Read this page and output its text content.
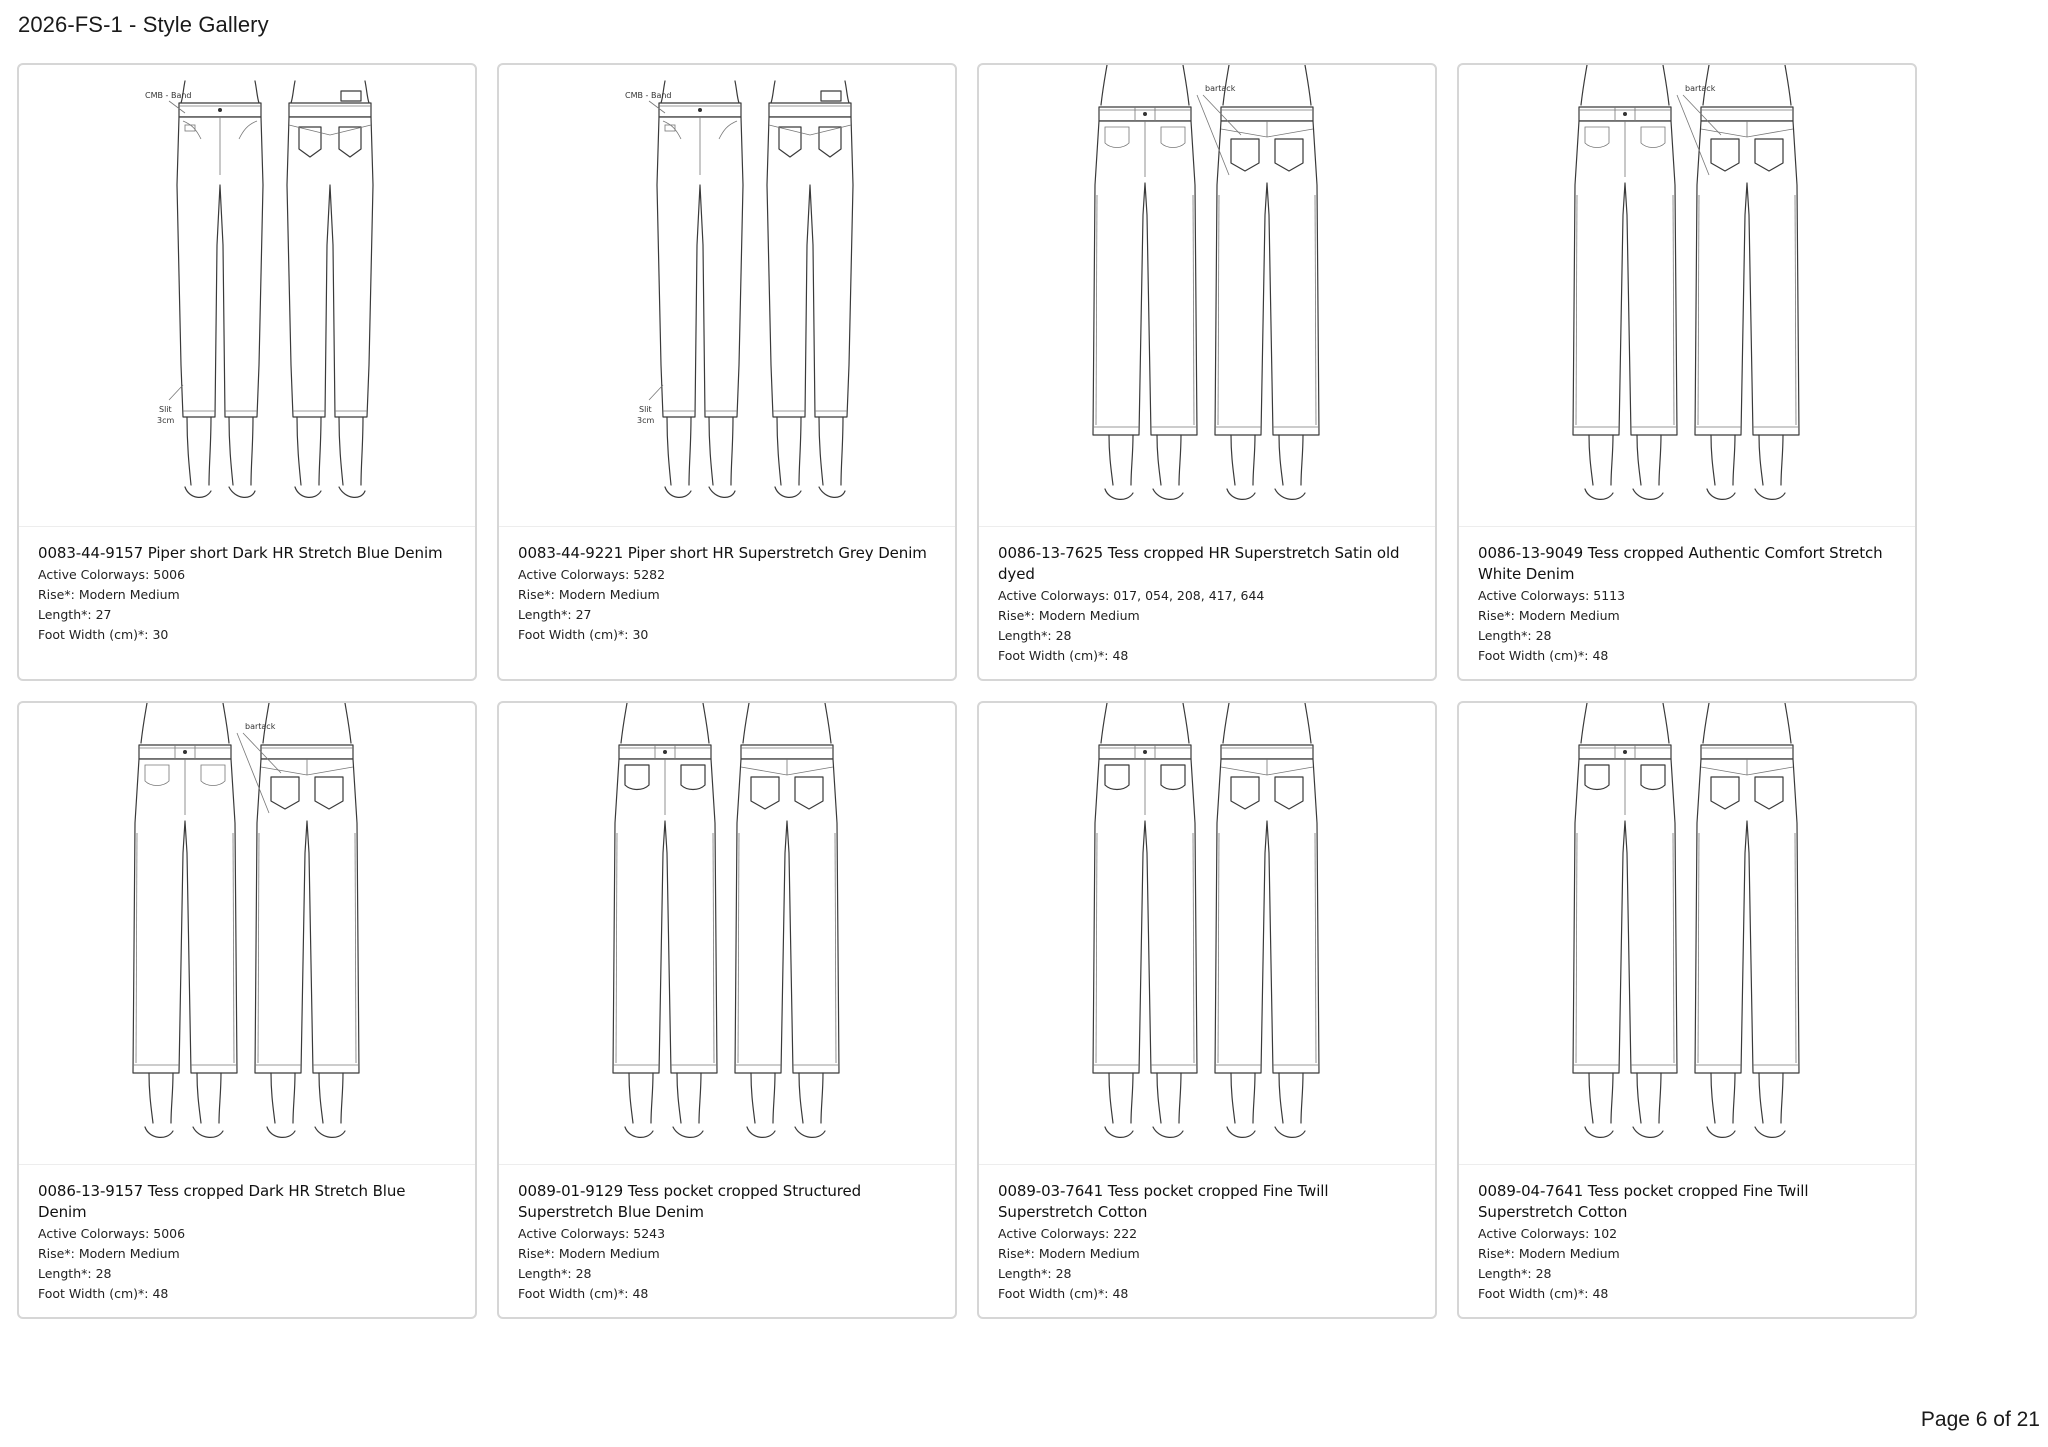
2026-FS-1 - Style Gallery
CMB - Band
Slit
3cm
0083-44-9157 Piper short Dark HR Stretch Blue Denim
Active Colorways: 5006
Rise*: Modern Medium
Length*: 27
Foot Width (cm)*: 30
CMB - Band
Slit
3cm
0083-44-9221 Piper short HR Superstretch Grey Denim
Active Colorways: 5282
Rise*: Modern Medium
Length*: 27
Foot Width (cm)*: 30
bartack
0086-13-7625 Tess cropped HR Superstretch Satin old dyed
Active Colorways: 017, 054, 208, 417, 644
Rise*: Modern Medium
Length*: 28
Foot Width (cm)*: 48
bartack
0086-13-9049 Tess cropped Authentic Comfort Stretch White Denim
Active Colorways: 5113
Rise*: Modern Medium
Length*: 28
Foot Width (cm)*: 48
bartack
0086-13-9157 Tess cropped Dark HR Stretch Blue Denim
Active Colorways: 5006
Rise*: Modern Medium
Length*: 28
Foot Width (cm)*: 48
0089-01-9129 Tess pocket cropped Structured Superstretch Blue Denim
Active Colorways: 5243
Rise*: Modern Medium
Length*: 28
Foot Width (cm)*: 48
0089-03-7641 Tess pocket cropped Fine Twill Superstretch Cotton
Active Colorways: 222
Rise*: Modern Medium
Length*: 28
Foot Width (cm)*: 48
0089-04-7641 Tess pocket cropped Fine Twill Superstretch Cotton
Active Colorways: 102
Rise*: Modern Medium
Length*: 28
Foot Width (cm)*: 48
Page 6 of 21
